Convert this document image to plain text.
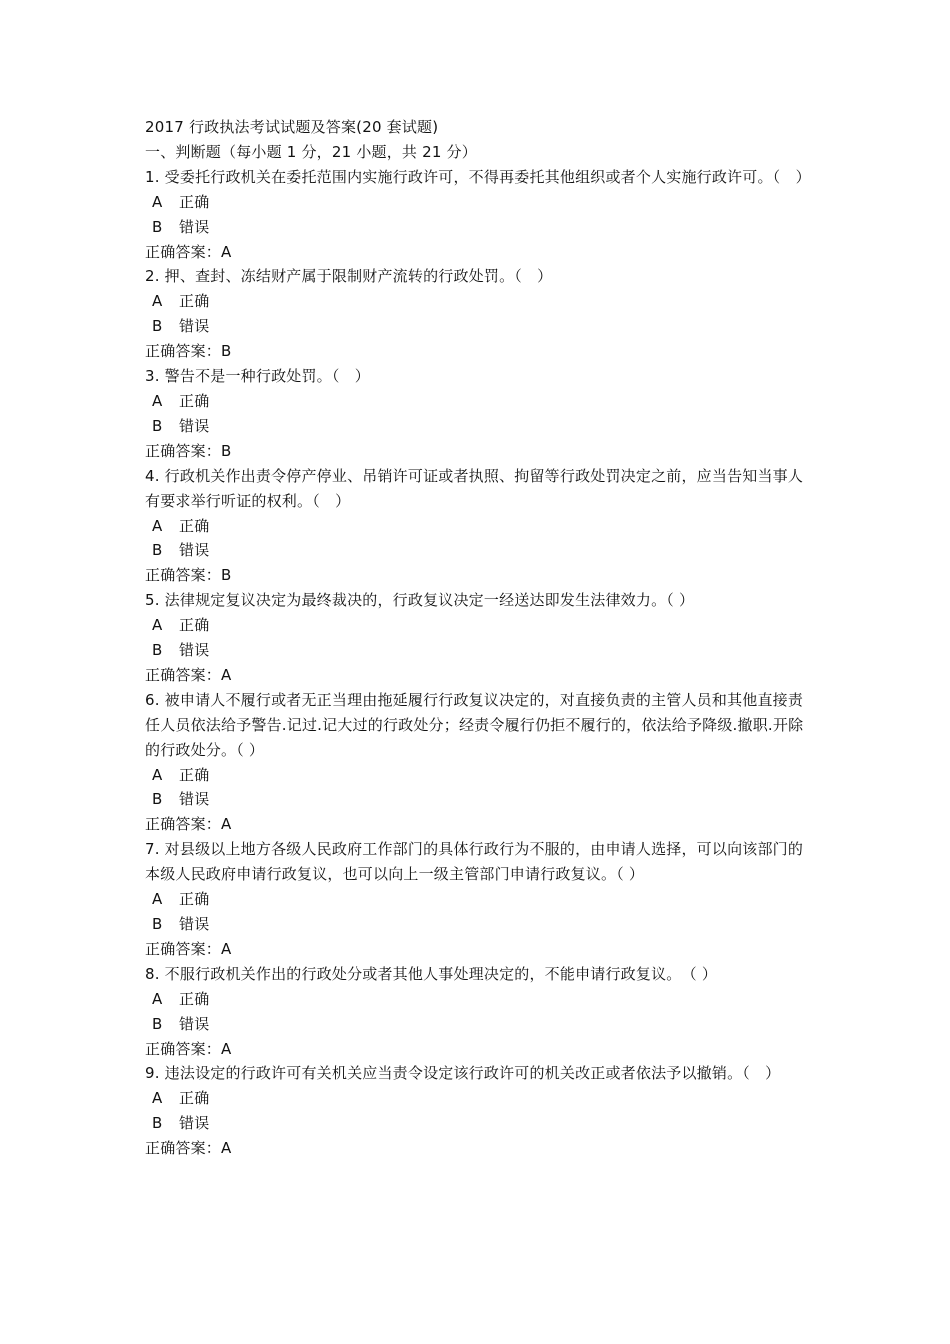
2017 行政执法考试试题及答案(20 套试题)
一、判断题（每小题 1 分，21 小题，共 21 分）
1. 受委托行政机关在委托范围内实施行政许可，不得再委托其他组织或者个人实施行政许可。（　）
A 正确
B 错误
正确答案：A
2. 押、查封、冻结财产属于限制财产流转的行政处罚。（　）
A 正确
B 错误
正确答案：B
3. 警告不是一种行政处罚。（　）
A 正确
B 错误
正确答案：B
4. 行政机关作出责令停产停业、吊销许可证或者执照、拘留等行政处罚决定之前，应当告知当事人有要求举行听证的权利。（　）
A 正确
B 错误
正确答案：B
5. 法律规定复议决定为最终裁决的，行政复议决定一经送达即发生法律效力。（ ）
A 正确
B 错误
正确答案：A
6. 被申请人不履行或者无正当理由拖延履行行政复议决定的，对直接负责的主管人员和其他直接责任人员依法给予警告.记过.记大过的行政处分；经责令履行仍拒不履行的，依法给予降级.撤职.开除的行政处分。（ ）
A 正确
B 错误
正确答案：A
7. 对县级以上地方各级人民政府工作部门的具体行政行为不服的，由申请人选择，可以向该部门的本级人民政府申请行政复议，也可以向上一级主管部门申请行政复议。（ ）
A 正确
B 错误
正确答案：A
8. 不服行政机关作出的行政处分或者其他人事处理决定的，不能申请行政复议。　（ ）
A 正确
B 错误
正确答案：A
9. 违法设定的行政许可有关机关应当责令设定该行政许可的机关改正或者依法予以撤销。（　）
A 正确
B 错误
正确答案：A
